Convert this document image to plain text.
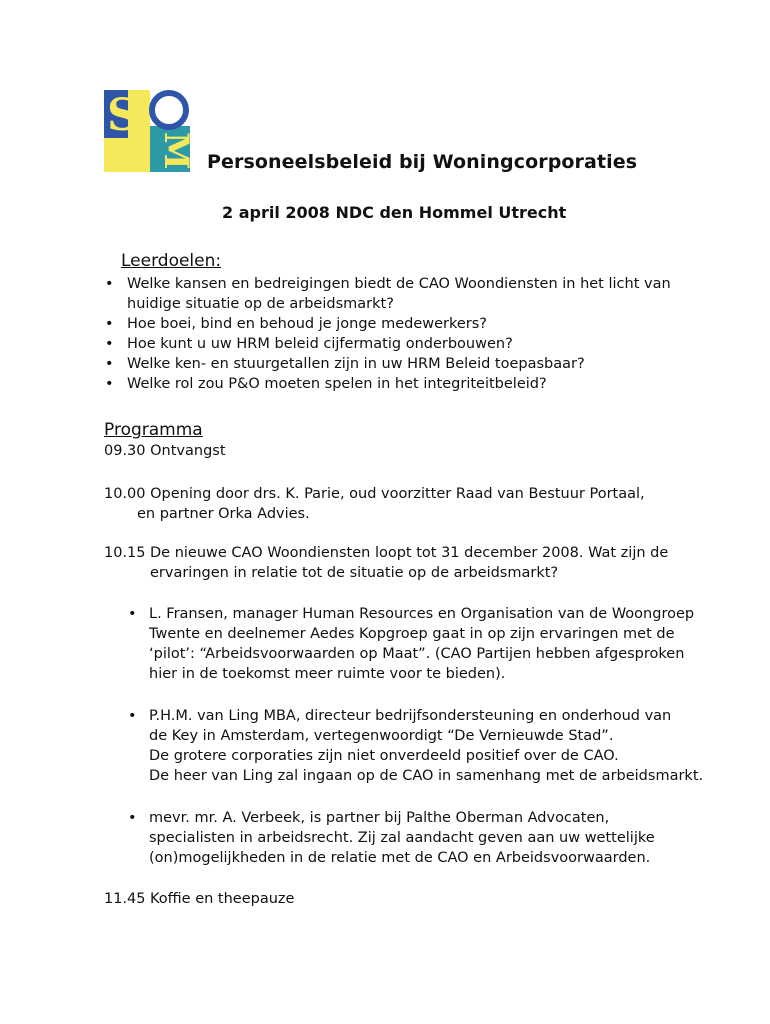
S
M Personeelsbeleid bij Woningcorporaties
2 april 2008 NDC den Hommel Utrecht
Leerdoelen:
• Welke kansen en bedreigingen biedt de CAO Woondiensten in het licht van
huidige situatie op de arbeidsmarkt?
• Hoe boei, bind en behoud je jonge medewerkers?
• Hoe kunt u uw HRM beleid cijfermatig onderbouwen?
• Welke ken- en stuurgetallen zijn in uw HRM Beleid toepasbaar?
• Welke rol zou P&O moeten spelen in het integriteitbeleid?
Programma
09.30 Ontvangst
10.00 Opening door drs. K. Parie, oud voorzitter Raad van Bestuur Portaal,
en partner Orka Advies.
10.15 De nieuwe CAO Woondiensten loopt tot 31 december 2008. Wat zijn de
ervaringen in relatie tot de situatie op de arbeidsmarkt?
• L. Fransen, manager Human Resources en Organisation van de Woongroep
Twente en deelnemer Aedes Kopgroep gaat in op zijn ervaringen met de
‘pilot’: “Arbeidsvoorwaarden op Maat”. (CAO Partijen hebben afgesproken
hier in de toekomst meer ruimte voor te bieden).
• P.H.M. van Ling MBA, directeur bedrijfsondersteuning en onderhoud van
de Key in Amsterdam, vertegenwoordigt “De Vernieuwde Stad”.
De grotere corporaties zijn niet onverdeeld positief over de CAO.
De heer van Ling zal ingaan op de CAO in samenhang met de arbeidsmarkt.
• mevr. mr. A. Verbeek, is partner bij Palthe Oberman Advocaten,
specialisten in arbeidsrecht. Zij zal aandacht geven aan uw wettelijke
(on)mogelijkheden in de relatie met de CAO en Arbeidsvoorwaarden.
11.45 Koffie en theepauze
